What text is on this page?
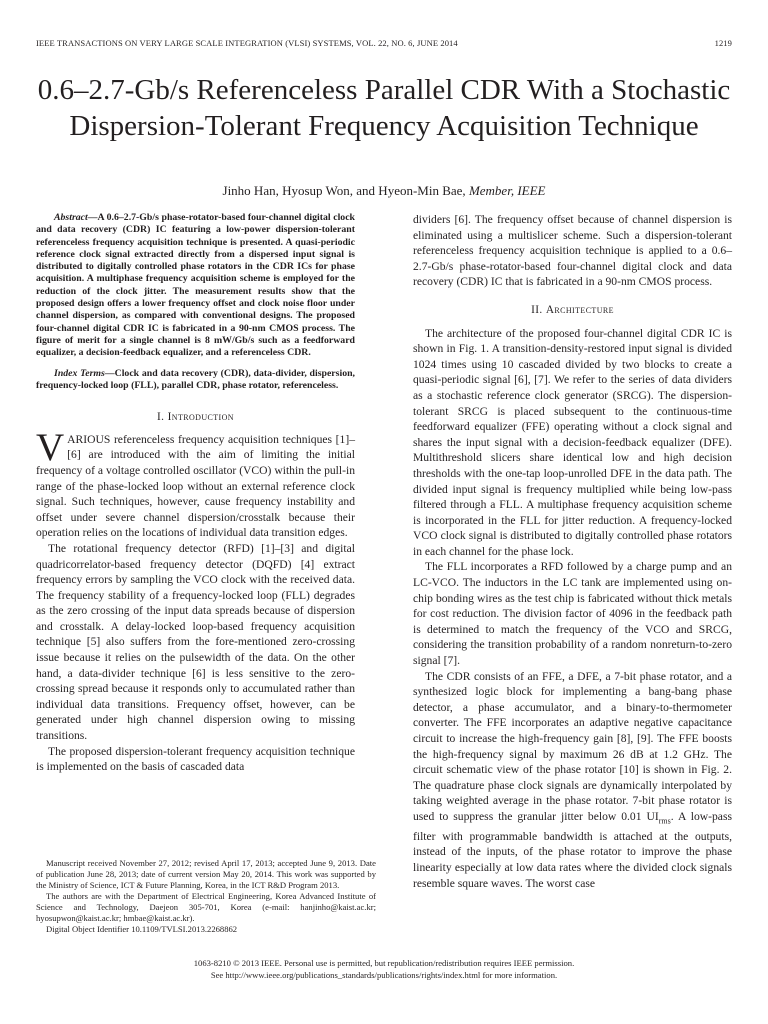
IEEE TRANSACTIONS ON VERY LARGE SCALE INTEGRATION (VLSI) SYSTEMS, VOL. 22, NO. 6, JUNE 2014	1219
0.6–2.7-Gb/s Referenceless Parallel CDR With a Stochastic Dispersion-Tolerant Frequency Acquisition Technique
Jinho Han, Hyosup Won, and Hyeon-Min Bae, Member, IEEE

Abstract—A 0.6–2.7-Gb/s phase-rotator-based four-channel digital clock and data recovery (CDR) IC featuring a low-power dispersion-tolerant referenceless frequency acquisition technique is presented. A quasi-periodic reference clock signal extracted directly from a dispersed input signal is distributed to digitally controlled phase rotators in the CDR ICs for phase acquisition. A multiphase frequency acquisition scheme is employed for the reduction of the clock jitter. The measurement results show that the proposed design offers a lower frequency offset and clock noise floor under channel dispersion, as compared with conventional designs. The proposed four-channel digital CDR IC is fabricated in a 90-nm CMOS process. The figure of merit for a single channel is 8 mW/Gb/s such as a feedforward equalizer, a decision-feedback equalizer, and a referenceless CDR.

Index Terms—Clock and data recovery (CDR), data-divider, dispersion, frequency-locked loop (FLL), parallel CDR, phase rotator, referenceless.

I. Introduction

VARIOUS referenceless frequency acquisition techniques [1]–[6] are introduced with the aim of limiting the initial frequency of a voltage controlled oscillator (VCO) within the pull-in range of the phase-locked loop without an external reference clock signal. Such techniques, however, cause frequency instability and offset under severe channel dispersion/crosstalk because their operation relies on the locations of individual data transition edges.

The rotational frequency detector (RFD) [1]–[3] and digital quadricorrelator-based frequency detector (DQFD) [4] extract frequency errors by sampling the VCO clock with the received data. The frequency stability of a frequency-locked loop (FLL) degrades as the zero crossing of the input data spreads because of dispersion and crosstalk. A delay-locked loop-based frequency acquisition technique [5] also suffers from the fore-mentioned zero-crossing issue because it relies on the pulsewidth of the data. On the other hand, a data-divider technique [6] is less sensitive to the zero-crossing spread because it responds only to accumulated rather than individual data transitions. Frequency offset, however, can be generated under high channel dispersion owing to missing transitions.

The proposed dispersion-tolerant frequency acquisition technique is implemented on the basis of cascaded data

dividers [6]. The frequency offset because of channel dispersion is eliminated using a multislicer scheme. Such a dispersion-tolerant referenceless frequency acquisition technique is applied to a 0.6–2.7-Gb/s phase-rotator-based four-channel digital clock and data recovery (CDR) IC that is fabricated in a 90-nm CMOS process.

II. Architecture

The architecture of the proposed four-channel digital CDR IC is shown in Fig. 1. A transition-density-restored input signal is divided 1024 times using 10 cascaded divided by two blocks to create a quasi-periodic signal [6], [7]. We refer to the series of data dividers as a stochastic reference clock generator (SRCG). The dispersion-tolerant SRCG is placed subsequent to the continuous-time feedforward equalizer (FFE) operating without a clock signal and shares the input signal with a decision-feedback equalizer (DFE). Multithreshold slicers share identical low and high decision thresholds with the one-tap loop-unrolled DFE in the data path. The divided input signal is frequency multiplied while being low-pass filtered through a FLL. A multiphase frequency acquisition scheme is incorporated in the FLL for jitter reduction. A frequency-locked VCO clock signal is distributed to digitally controlled phase rotators in each channel for the phase lock.

The FLL incorporates a RFD followed by a charge pump and an LC-VCO. The inductors in the LC tank are implemented using on-chip bonding wires as the test chip is fabricated without thick metals for cost reduction. The division factor of 4096 in the feedback path is determined to match the frequency of the VCO and SRCG, considering the transition probability of a random nonreturn-to-zero signal [7].

The CDR consists of an FFE, a DFE, a 7-bit phase rotator, and a synthesized logic block for implementing a bang-bang phase detector, a phase accumulator, and a binary-to-thermometer converter. The FFE incorporates an adaptive negative capacitance circuit to increase the high-frequency gain [8], [9]. The FFE boosts the high-frequency signal by maximum 26 dB at 1.2 GHz. The circuit schematic view of the phase rotator [10] is shown in Fig. 2. The quadrature phase clock signals are dynamically interpolated by taking weighted average in the phase rotator. 7-bit phase rotator is used to suppress the granular jitter below 0.01 $UI_{rms}$. A low-pass filter with programmable bandwidth is attached at the outputs, instead of the inputs, of the phase rotator to improve the phase linearity especially at low data rates where the divided clock signals resemble square waves. The worst case

Manuscript received November 27, 2012; revised April 17, 2013; accepted June 9, 2013. Date of publication June 28, 2013; date of current version May 20, 2014. This work was supported by the Ministry of Science, ICT & Future Planning, Korea, in the ICT R&D Program 2013.

The authors are with the Department of Electrical Engineering, Korea Advanced Institute of Science and Technology, Daejeon 305-701, Korea (e-mail: hanjinho@kaist.ac.kr; hyosupwon@kaist.ac.kr; hmbae@kaist.ac.kr).

Digital Object Identifier 10.1109/TVLSI.2013.2268862

1063-8210 © 2013 IEEE. Personal use is permitted, but republication/redistribution requires IEEE permission.
See http://www.ieee.org/publications_standards/publications/rights/index.html for more information.
